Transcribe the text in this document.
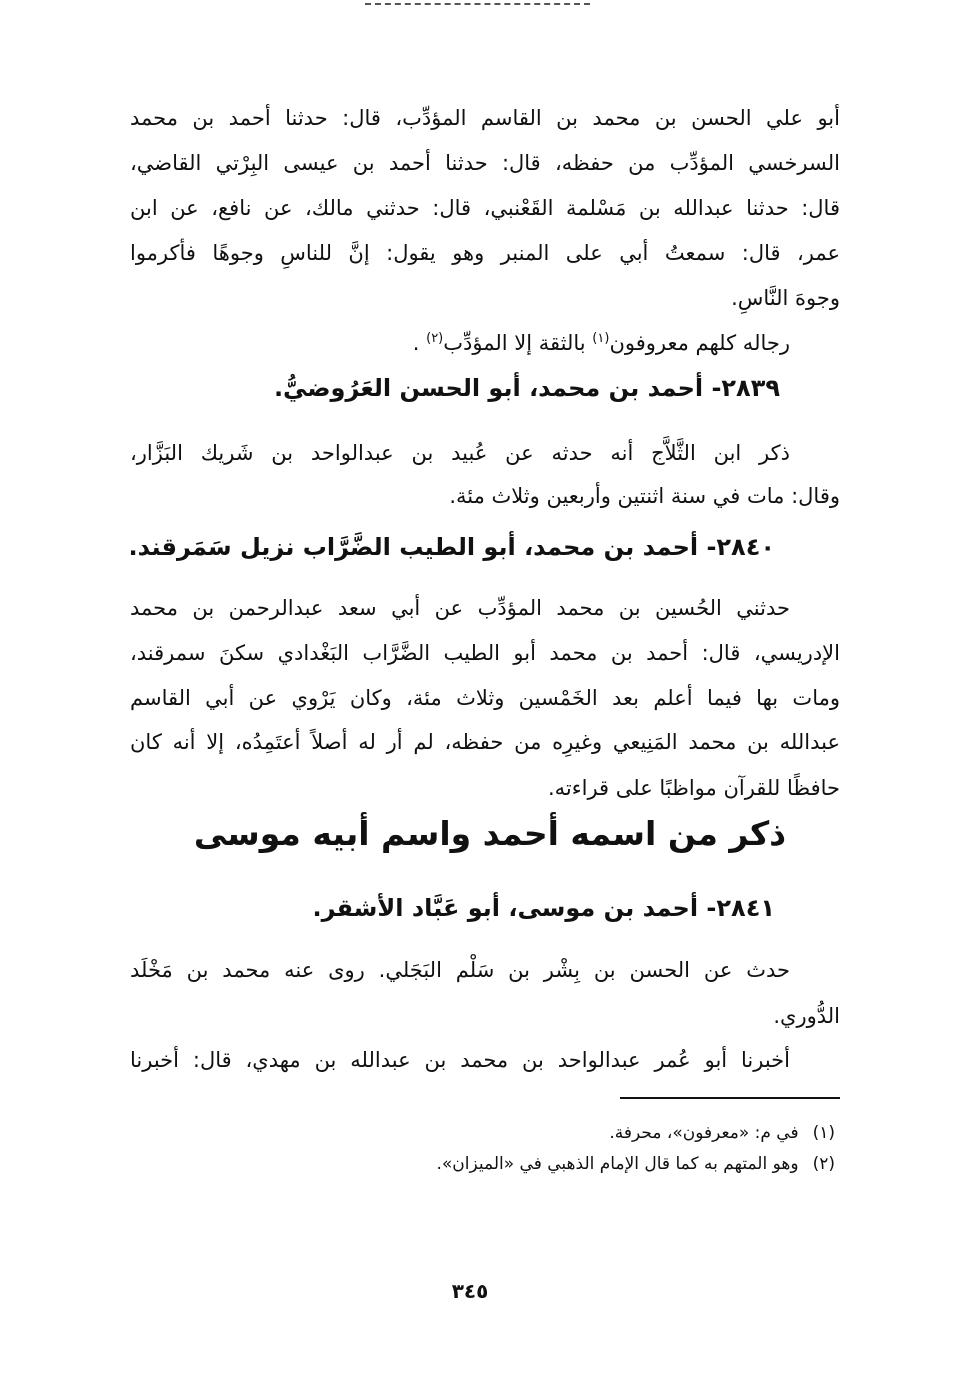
أبو علي الحسن بن محمد بن القاسم المؤدِّب، قال: حدثنا أحمد بن محمد
السرخسي المؤدِّب من حفظه، قال: حدثنا أحمد بن عيسى البِرْتي القاضي،
قال: حدثنا عبدالله بن مَسْلمة القَعْنبي، قال: حدثني مالك، عن نافع، عن ابن
عمر، قال: سمعتُ أبي على المنبر وهو يقول: إنَّ للناسِ وجوهًا فأكرموا
وجوهَ النَّاسِ.
رجاله كلهم معروفون$^{(١)}$ بالثقة إلا المؤدِّب$^{(٢)}$ .
٢٨٣٩- أحمد بن محمد، أبو الحسن العَرُوضيُّ.
ذكر ابن الثَّلاَّج أنه حدثه عن عُبيد بن عبدالواحد بن شَريك البَزَّار،
وقال: مات في سنة اثنتين وأربعين وثلاث مئة.
٢٨٤٠- أحمد بن محمد، أبو الطيب الضَّرَّاب نزيل سَمَرقند.
حدثني الحُسين بن محمد المؤدِّب عن أبي سعد عبدالرحمن بن محمد
الإدريسي، قال: أحمد بن محمد أبو الطيب الضَّرَّاب البَغْدادي سكنَ سمرقند،
ومات بها فيما أعلم بعد الخَمْسين وثلاث مئة، وكان يَرْوي عن أبي القاسم
عبدالله بن محمد المَنِيعي وغيرِه من حفظه، لم أر له أصلاً أعتَمِدُه، إلا أنه كان
حافظًا للقرآن مواظبًا على قراءته.
ذكر من اسمه أحمد واسم أبيه موسى
٢٨٤١- أحمد بن موسى، أبو عَبَّاد الأشقر.
حدث عن الحسن بن بِشْر بن سَلْم البَجَلي. روى عنه محمد بن مَخْلَد
الدُّوري.
أخبرنا أبو عُمر عبدالواحد بن محمد بن عبدالله بن مهدي، قال: أخبرنا
(١)في م: «معرفون»، محرفة.
(٢)وهو المتهم به كما قال الإمام الذهبي في «الميزان».
٣٤٥
